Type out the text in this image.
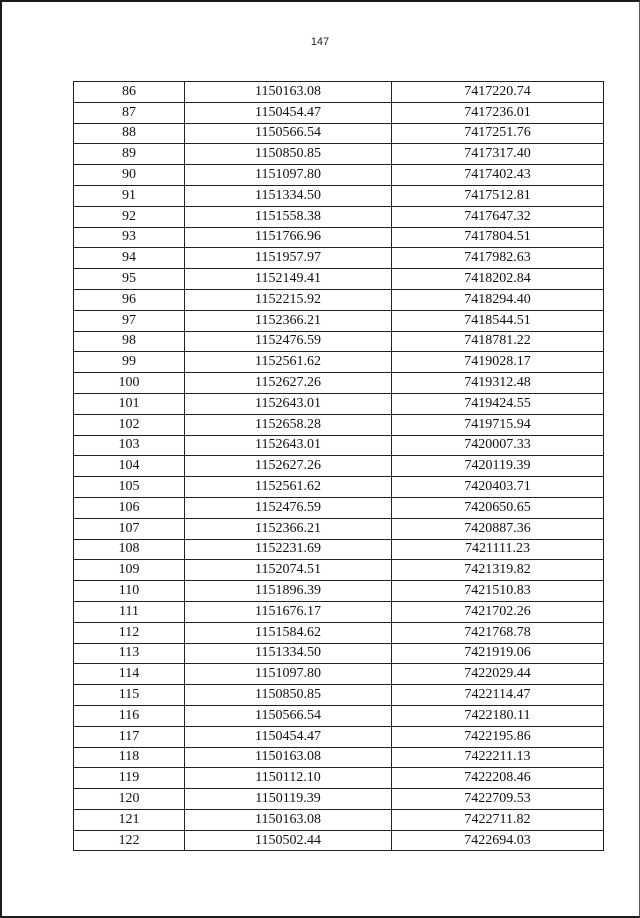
147
86	1150163.08	7417220.74
87	1150454.47	7417236.01
88	1150566.54	7417251.76
89	1150850.85	7417317.40
90	1151097.80	7417402.43
91	1151334.50	7417512.81
92	1151558.38	7417647.32
93	1151766.96	7417804.51
94	1151957.97	7417982.63
95	1152149.41	7418202.84
96	1152215.92	7418294.40
97	1152366.21	7418544.51
98	1152476.59	7418781.22
99	1152561.62	7419028.17
100	1152627.26	7419312.48
101	1152643.01	7419424.55
102	1152658.28	7419715.94
103	1152643.01	7420007.33
104	1152627.26	7420119.39
105	1152561.62	7420403.71
106	1152476.59	7420650.65
107	1152366.21	7420887.36
108	1152231.69	7421111.23
109	1152074.51	7421319.82
110	1151896.39	7421510.83
111	1151676.17	7421702.26
112	1151584.62	7421768.78
113	1151334.50	7421919.06
114	1151097.80	7422029.44
115	1150850.85	7422114.47
116	1150566.54	7422180.11
117	1150454.47	7422195.86
118	1150163.08	7422211.13
119	1150112.10	7422208.46
120	1150119.39	7422709.53
121	1150163.08	7422711.82
122	1150502.44	7422694.03
